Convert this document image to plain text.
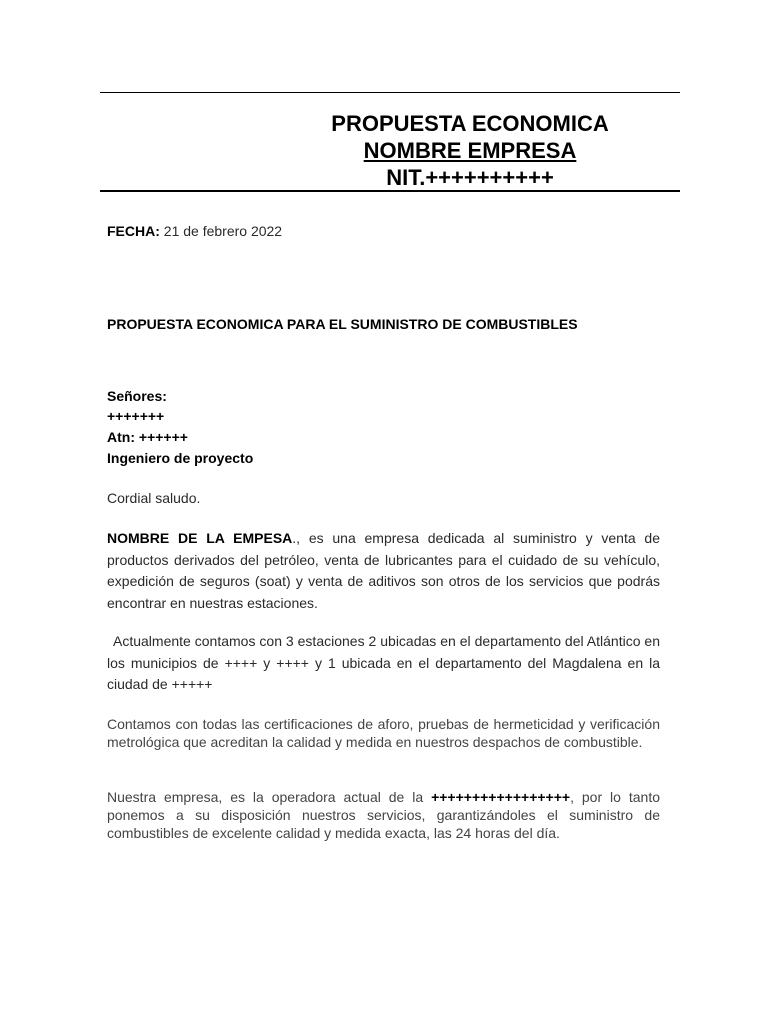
PROPUESTA ECONOMICA
NOMBRE EMPRESA
NIT.++++++++++
FECHA: 21 de febrero 2022
PROPUESTA ECONOMICA PARA EL SUMINISTRO DE COMBUSTIBLES
Señores:
+++++++
Atn: ++++++
Ingeniero de proyecto
Cordial saludo.
NOMBRE DE LA EMPESA., es una empresa dedicada al suministro y venta de productos derivados del petróleo, venta de lubricantes para el cuidado de su vehículo, expedición de seguros (soat) y venta de aditivos son otros de los servicios que podrás encontrar en nuestras estaciones.
Actualmente contamos con 3 estaciones 2 ubicadas en el departamento del Atlántico en los municipios de ++++ y ++++ y 1 ubicada en el departamento del Magdalena en la ciudad de +++++
Contamos con todas las certificaciones de aforo, pruebas de hermeticidad y verificación metrológica que acreditan la calidad y medida en nuestros despachos de combustible.
Nuestra empresa, es la operadora actual de la +++++++++++++++++, por lo tanto ponemos a su disposición nuestros servicios, garantizándoles el suministro de combustibles de excelente calidad y medida exacta, las 24 horas del día.
